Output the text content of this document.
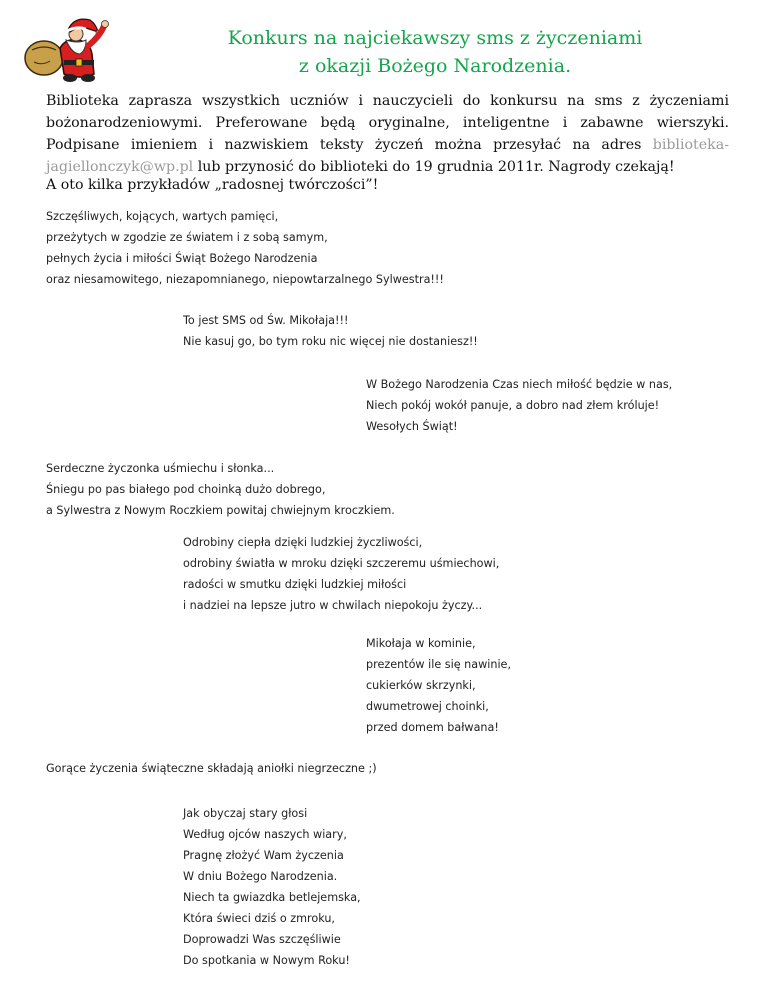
Konkurs na najciekawszy sms z życzeniami
z okazji Bożego Narodzenia.
Biblioteka zaprasza wszystkich uczniów i nauczycieli do konkursu na sms z życzeniami bożonarodzeniowymi. Preferowane będą oryginalne, inteligentne i zabawne wierszyki. Podpisane imieniem i nazwiskiem teksty życzeń można przesyłać na adres biblioteka-jagiellonczyk@wp.pl lub przynosić do biblioteki do 19 grudnia 2011r. Nagrody czekają!
A oto kilka przykładów „radosnej twórczości”!
Szczęśliwych, kojących, wartych pamięci,
przeżytych w zgodzie ze światem i z sobą samym,
pełnych życia i miłości Świąt Bożego Narodzenia
oraz niesamowitego, niezapomnianego, niepowtarzalnego Sylwestra!!!
To jest SMS od Św. Mikołaja!!!
Nie kasuj go, bo tym roku nic więcej nie dostaniesz!!
W Bożego Narodzenia Czas niech miłość będzie w nas,
Niech pokój wokół panuje, a dobro nad złem króluje!
Wesołych Świąt!
Serdeczne życzonka uśmiechu i słonka...
Śniegu po pas białego pod choinką dużo dobrego,
a Sylwestra z Nowym Roczkiem powitaj chwiejnym kroczkiem.
Odrobiny ciepła dzięki ludzkiej życzliwości,
odrobiny światła w mroku dzięki szczeremu uśmiechowi,
radości w smutku dzięki ludzkiej miłości
i nadziei na lepsze jutro w chwilach niepokoju życzy...
Mikołaja w kominie,
prezentów ile się nawinie,
cukierków skrzynki,
dwumetrowej choinki,
przed domem bałwana!
Gorące życzenia świąteczne składają aniołki niegrzeczne ;)
Jak obyczaj stary głosi
Według ojców naszych wiary,
Pragnę złożyć Wam życzenia
W dniu Bożego Narodzenia.
Niech ta gwiazdka betlejemska,
Która świeci dziś o zmroku,
Doprowadzi Was szczęśliwie
Do spotkania w Nowym Roku!
